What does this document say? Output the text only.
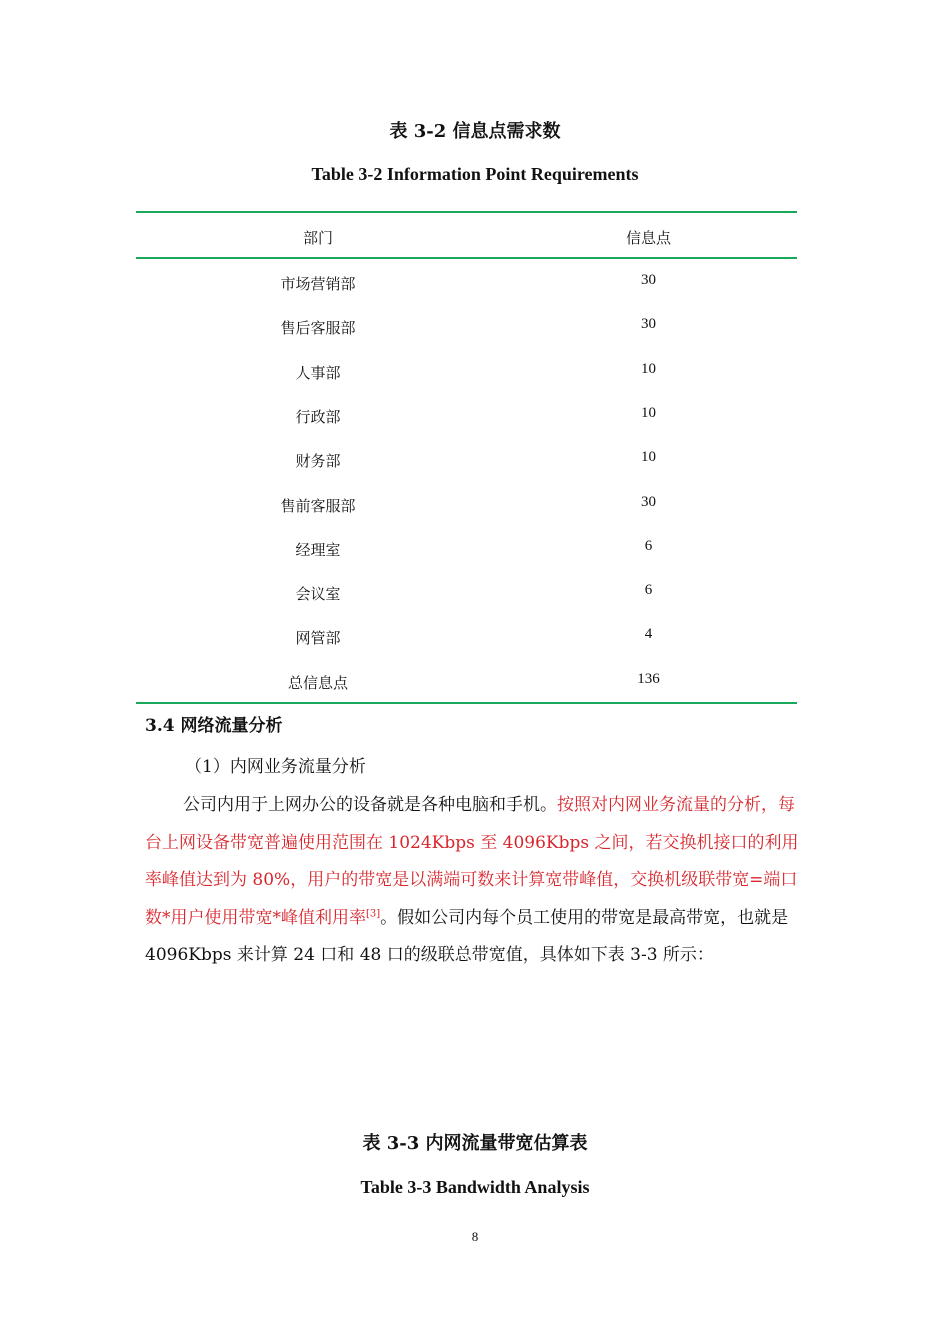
表 3-2 信息点需求数
Table 3-2 Information Point Requirements
部门	信息点
市场营销部	30
售后客服部	30
人事部	10
行政部	10
财务部	10
售前客服部	30
经理室	6
会议室	6
网管部	4
总信息点	136
3.4 网络流量分析
（1）内网业务流量分析
公司内用于上网办公的设备就是各种电脑和手机。按照对内网业务流量的分析，每台上网设备带宽普遍使用范围在 1024Kbps 至 4096Kbps 之间，若交换机接口的利用率峰值达到为 80%，用户的带宽是以满端可数来计算宽带峰值，交换机级联带宽=端口数*用户使用带宽*峰值利用率[3]。假如公司内每个员工使用的带宽是最高带宽，也就是 4096Kbps 来计算 24 口和 48 口的级联总带宽值，具体如下表 3-3 所示：
表 3-3 内网流量带宽估算表
Table 3-3 Bandwidth Analysis
8
